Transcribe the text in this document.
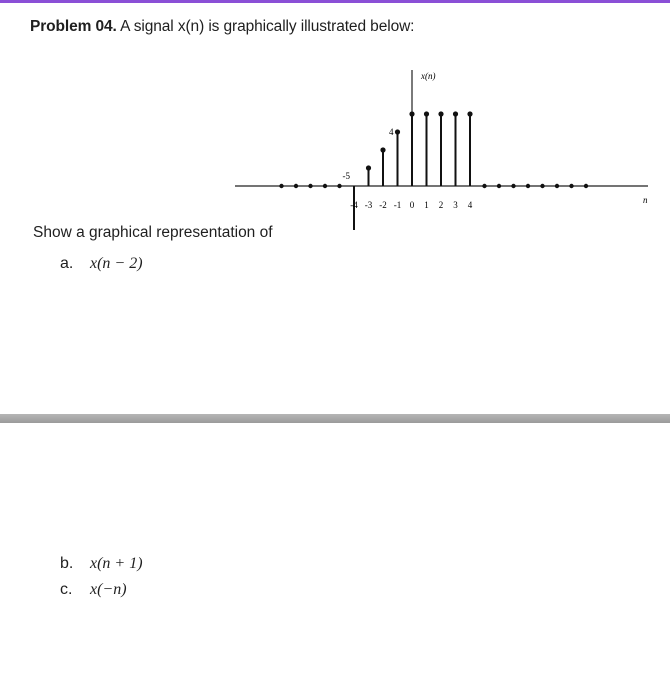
Problem 04. A signal x(n) is graphically illustrated below:
x(n)
n
-4 -3 -2 -1 0 1 2 3 4
-5
4
Show a graphical representation of
a.	x(n − 2)
b.	x(n + 1)
c.	x(−n)
